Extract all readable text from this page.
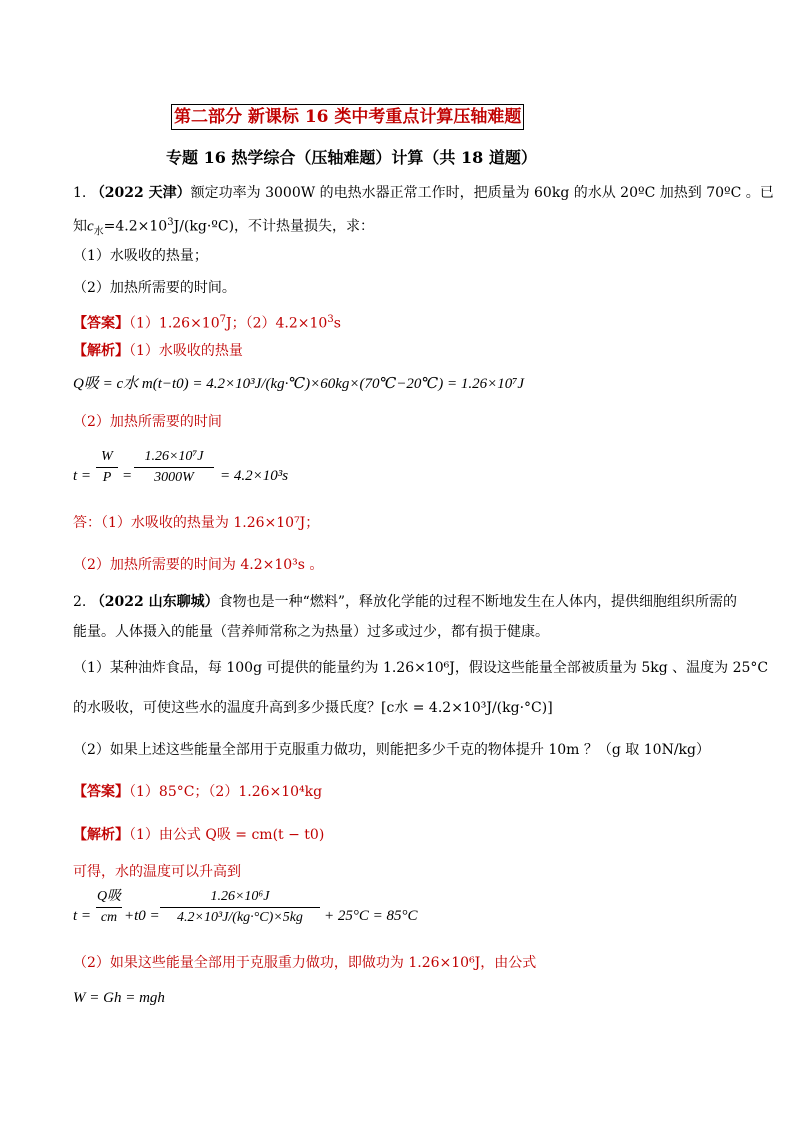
第二部分 新课标 16 类中考重点计算压轴难题
专题 16 热学综合（压轴难题）计算（共 18 道题）
1. （2022 天津）额定功率为 3000W 的电热水器正常工作时，把质量为 60kg 的水从 20ºC 加热到 70ºC 。已
知$c_水=4.2\times 10^3J/(kg\cdot ºC)$，不计热量损失，求：
（1）水吸收的热量；
（2）加热所需要的时间。
【答案】$(1)1.26\times 10^7J$；$(2)4.2\times 10^3s$
【解析】（1）水吸收的热量
Q吸 = c水 m(t−t0) = 4.2×10³J/(kg·℃)×60kg×(70℃−20℃) = 1.26×10⁷J
（2）加热所需要的时间
t =
W
P =
1.26×10⁷J
3000W	= 4.2×10³s
答：（1）水吸收的热量为 1.26×10⁷J；
（2）加热所需要的时间为 4.2×10³s 。
2. （2022 山东聊城）食物也是一种“燃料”，释放化学能的过程不断地发生在人体内，提供细胞组织所需的
能量。人体摄入的能量（营养师常称之为热量）过多或过少，都有损于健康。
（1）某种油炸食品，每 100g 可提供的能量约为 1.26×10⁶J，假设这些能量全部被质量为 5kg 、温度为 25°C
的水吸收，可使这些水的温度升高到多少摄氏度？[c水 = 4.2×10³J/(kg·°C)]
（2）如果上述这些能量全部用于克服重力做功，则能把多少千克的物体提升 10m ？（g 取 10N/kg）
【答案】（1）85°C；（2）1.26×10⁴kg
【解析】（1）由公式 Q吸 = cm(t − t0)
可得，水的温度可以升高到
t =
Q吸
cm +t0 =
1.26×10⁶J
4.2×10³J/(kg·°C)×5kg	+ 25°C = 85°C
（2）如果这些能量全部用于克服重力做功，即做功为 1.26×10⁶J，由公式
W = Gh = mgh
